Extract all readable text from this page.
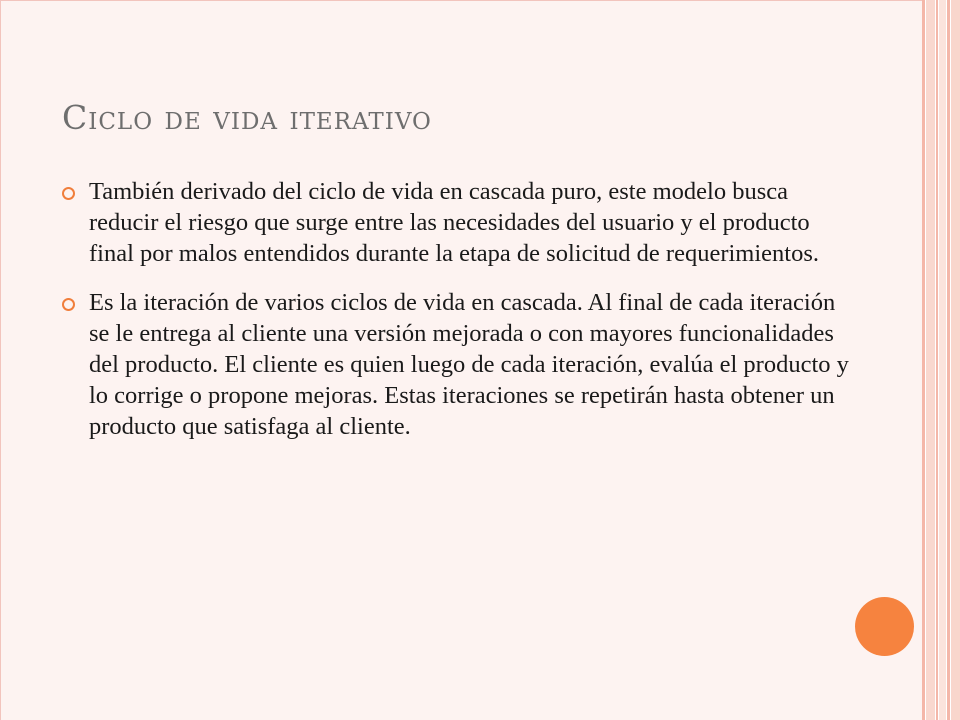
Ciclo de vida iterativo
También derivado del ciclo de vida en cascada puro, este modelo busca reducir el riesgo que surge entre las necesidades del usuario y el producto final por malos entendidos durante la etapa de solicitud de requerimientos.
Es la iteración de varios ciclos de vida en cascada. Al final de cada iteración se le entrega al cliente una versión mejorada o con mayores funcionalidades del producto. El cliente es quien luego de cada iteración, evalúa el producto y lo corrige o propone mejoras. Estas iteraciones se repetirán hasta obtener un producto que satisfaga al cliente.
